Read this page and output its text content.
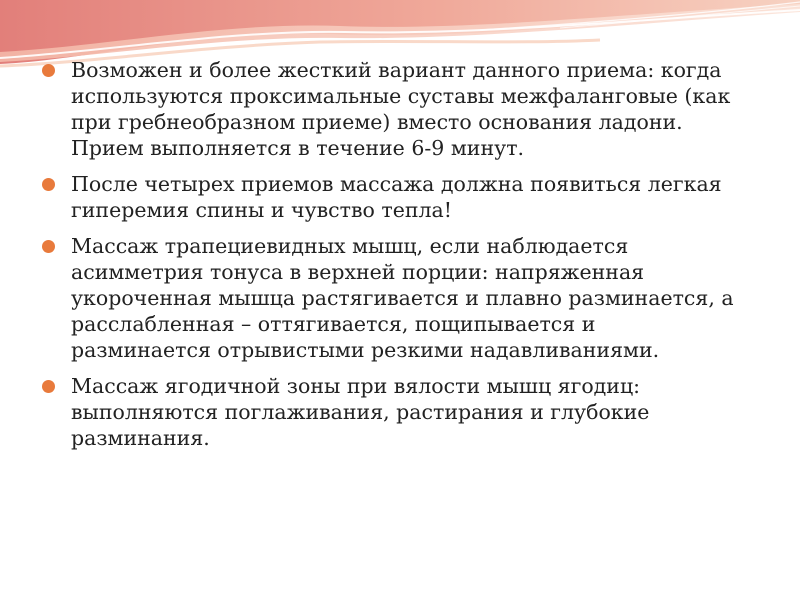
Возможен и более жесткий вариант данного приема: когда используются проксимальные суставы межфаланговые (как при гребнеобразном приеме) вместо основания ладони. Прием выполняется в течение 6-9 минут.
После четырех приемов массажа должна появиться легкая гиперемия спины и чувство тепла!
Массаж трапециевидных мышц, если наблюдается асимметрия тонуса в верхней порции: напряженная укороченная мышца растягивается и плавно разминается, а расслабленная – оттягивается, пощипывается и разминается отрывистыми резкими надавливаниями.
Массаж ягодичной зоны при вялости мышц ягодиц: выполняются поглаживания, растирания и глубокие разминания.
